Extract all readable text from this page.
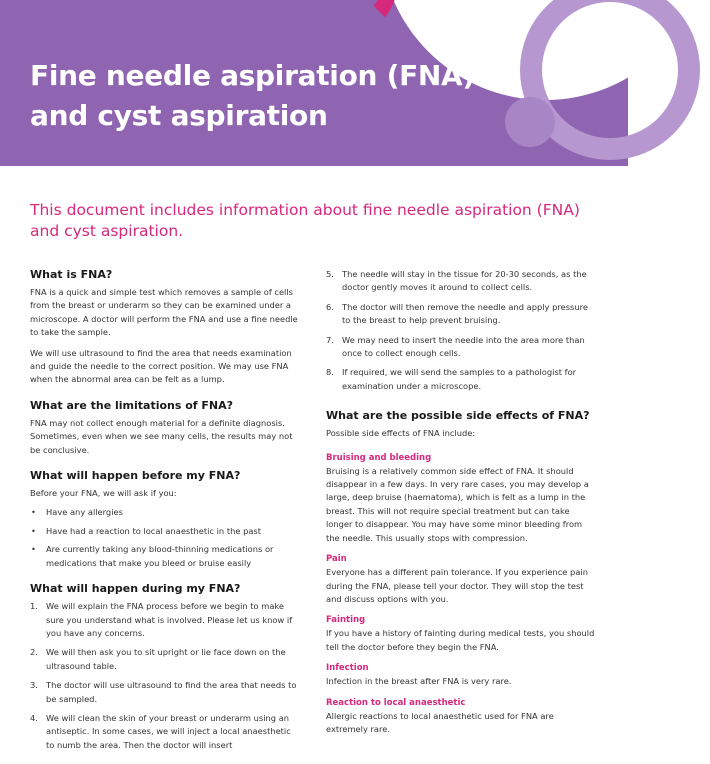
Fine needle aspiration (FNA) and cyst aspiration
This document includes information about fine needle aspiration (FNA) and cyst aspiration.
What is FNA?

FNA is a quick and simple test which removes a sample of cells from the breast or underarm so they can be examined under a microscope. A doctor will perform the FNA and use a fine needle to take the sample.

We will use ultrasound to find the area that needs examination and guide the needle to the correct position. We may use FNA when the abnormal area can be felt as a lump.

What are the limitations of FNA?

FNA may not collect enough material for a definite diagnosis. Sometimes, even when we see many cells, the results may not be conclusive.

What will happen before my FNA?

Before your FNA, we will ask if you:

• Have any allergies
• Have had a reaction to local anaesthetic in the past
• Are currently taking any blood-thinning medications or medications that make you bleed or bruise easily
What will happen during my FNA?
1. We will explain the FNA process before we begin to make sure you understand what is involved. Please let us know if you have any concerns.
2. We will then ask you to sit upright or lie face down on the ultrasound table.
3. The doctor will use ultrasound to find the area that needs to be sampled.
4. We will clean the skin of your breast or underarm using an antiseptic. In some cases, we will inject a local anaesthetic to numb the area. Then the doctor will insert
5. The needle will stay in the tissue for 20-30 seconds, as the doctor gently moves it around to collect cells.
6. The doctor will then remove the needle and apply pressure to the breast to help prevent bruising.
7. We may need to insert the needle into the area more than once to collect enough cells.
8. If required, we will send the samples to a pathologist for examination under a microscope.
What are the possible side effects of FNA?

Possible side effects of FNA include:

Bruising and bleeding

Bruising is a relatively common side effect of FNA. It should disappear in a few days. In very rare cases, you may develop a large, deep bruise (haematoma), which is felt as a lump in the breast. This will not require special treatment but can take longer to disappear. You may have some minor bleeding from the needle. This usually stops with compression.

Pain

Everyone has a different pain tolerance. If you experience pain during the FNA, please tell your doctor. They will stop the test and discuss options with you.

Fainting

If you have a history of fainting during medical tests, you should tell the doctor before they begin the FNA.

Infection

Infection in the breast after FNA is very rare.

Reaction to local anaesthetic

Allergic reactions to local anaesthetic used for FNA are extremely rare.
